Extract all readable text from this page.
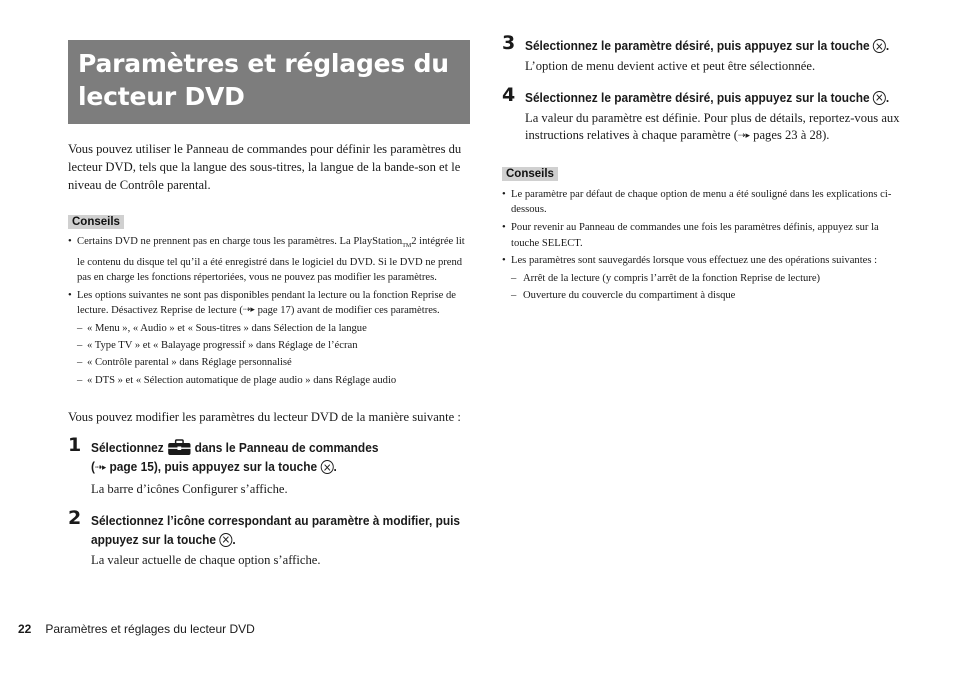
Paramètres et réglages du
lecteur DVD
Vous pouvez utiliser le Panneau de commandes pour définir les paramètres du lecteur DVD, tels que la langue des sous-titres, la langue de la bande-son et le niveau de Contrôle parental.
Conseils
• Certains DVD ne prennent pas en charge tous les paramètres. La PlayStation$_{TM}$2 intégrée lit le contenu du disque tel qu’il a été enregistré dans le logiciel du DVD. Si le DVD ne prend pas en charge les fonctions répertoriées, vous ne pouvez pas modifier les paramètres.
• Les options suivantes ne sont pas disponibles pendant la lecture ou la fonction Reprise de lecture. Désactivez Reprise de lecture (⇢▸ page 17) avant de modifier ces paramètres.
– « Menu », « Audio » et « Sous-titres » dans Sélection de la langue
– « Type TV » et « Balayage progressif » dans Réglage de l’écran
– « Contrôle parental » dans Réglage personnalisé
– « DTS » et « Sélection automatique de plage audio » dans Réglage audio
Vous pouvez modifier les paramètres du lecteur DVD de la manière suivante :
1 Sélectionnez dans le Panneau de commandes
(⇢▸ page 15), puis appuyez sur la touche .
La barre d’icônes Configurer s’affiche.
2 Sélectionnez l’icône correspondant au paramètre à modifier, puis appuyez sur la touche .
La valeur actuelle de chaque option s’affiche.
3 Sélectionnez le paramètre désiré, puis appuyez sur la touche .
L’option de menu devient active et peut être sélectionnée.
4 Sélectionnez le paramètre désiré, puis appuyez sur la touche .
La valeur du paramètre est définie. Pour plus de détails, reportez-vous aux instructions relatives à chaque paramètre (⇢▸ pages 23 à 28).
Conseils
• Le paramètre par défaut de chaque option de menu a été souligné dans les explications ci-dessous.
• Pour revenir au Panneau de commandes une fois les paramètres définis, appuyez sur la touche SELECT.
• Les paramètres sont sauvegardés lorsque vous effectuez une des opérations suivantes :
– Arrêt de la lecture (y compris l’arrêt de la fonction Reprise de lecture)
– Ouverture du couvercle du compartiment à disque
22 Paramètres et réglages du lecteur DVD
